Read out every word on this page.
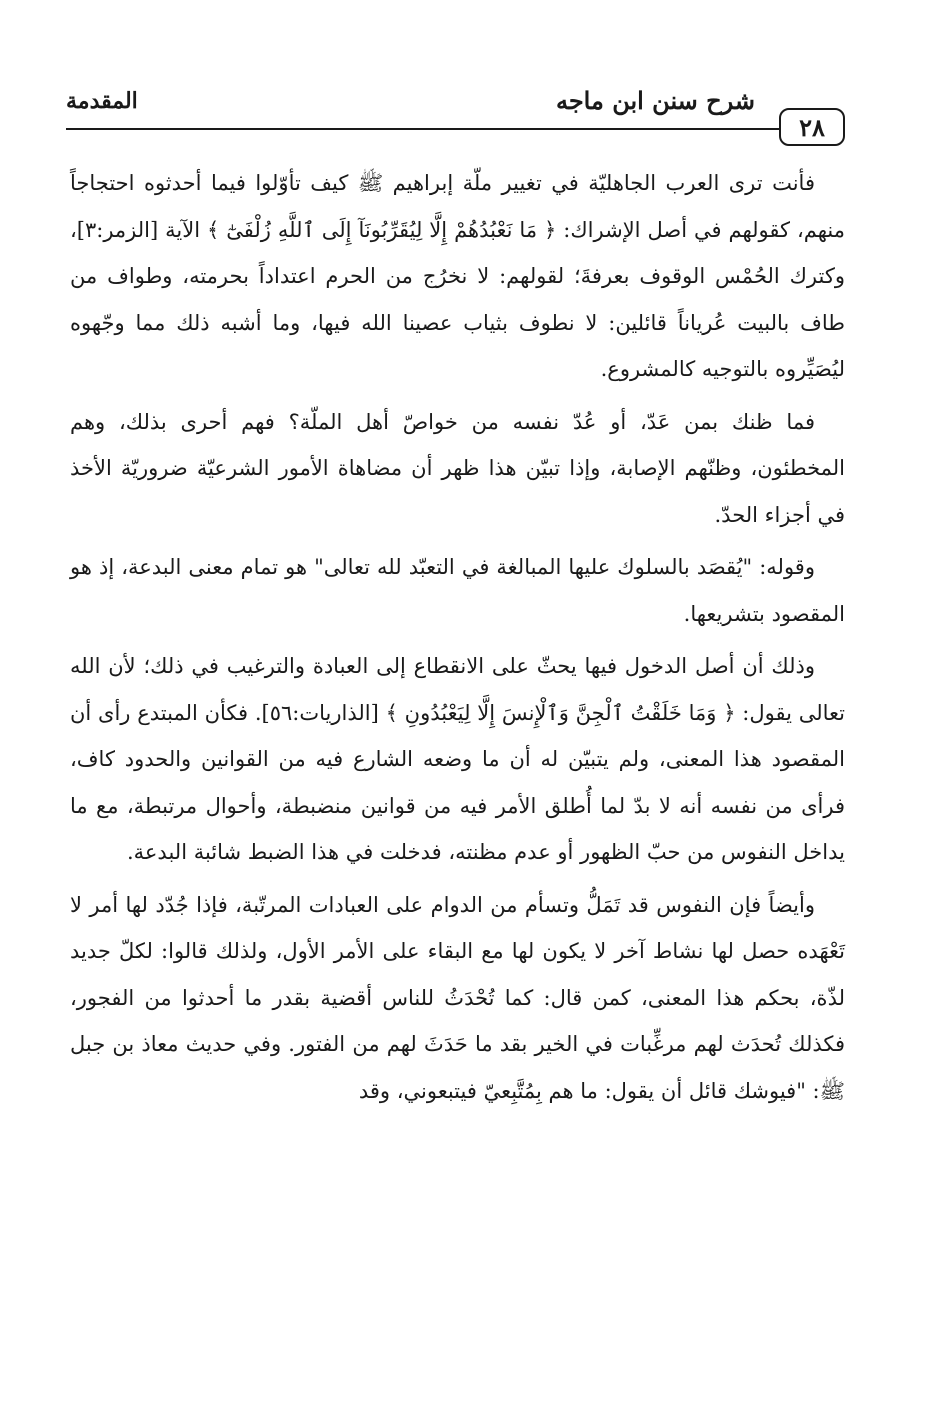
المقدمة	شرح سنن ابن ماجه
٢٨

فأنت ترى العرب الجاهليّة في تغيير ملّة إبراهيم ﷺ كيف تأوّلوا فيما أحدثوه احتجاجاً منهم، كقولهم في أصل الإشراك: ﴿ مَا نَعْبُدُهُمْ إِلَّا لِيُقَرِّبُونَآ إِلَى ٱللَّهِ زُلْفَىٰٓ ﴾ الآية [الزمر:٣]، وكترك الحُمْس الوقوف بعرفةَ؛ لقولهم: لا نخرُج من الحرم اعتداداً بحرمته، وطواف من طاف بالبيت عُرياناً قائلين: لا نطوف بثياب عصينا الله فيها، وما أشبه ذلك مما وجّهوه ليُصَيِّروه بالتوجيه كالمشروع.

فما ظنك بمن عَدّ، أو عُدّ نفسه من خواصّ أهل الملّة؟ فهم أحرى بذلك، وهم المخطئون، وظنّهم الإصابة، وإذا تبيّن هذا ظهر أن مضاهاة الأمور الشرعيّة ضروريّة الأخذ في أجزاء الحدّ.

وقوله: "يُقصَد بالسلوك عليها المبالغة في التعبّد لله تعالى" هو تمام معنى البدعة، إذ هو المقصود بتشريعها.

وذلك أن أصل الدخول فيها يحثّ على الانقطاع إلى العبادة والترغيب في ذلك؛ لأن الله تعالى يقول: ﴿ وَمَا خَلَقْتُ ٱلْجِنَّ وَٱلْإِنسَ إِلَّا لِيَعْبُدُونِ ﴾ [الذاريات:٥٦]. فكأن المبتدع رأى أن المقصود هذا المعنى، ولم يتبيّن له أن ما وضعه الشارع فيه من القوانين والحدود كاف، فرأى من نفسه أنه لا بدّ لما أُطلق الأمر فيه من قوانين منضبطة، وأحوال مرتبطة، مع ما يداخل النفوس من حبّ الظهور أو عدم مظنته، فدخلت في هذا الضبط شائبة البدعة.

وأيضاً فإن النفوس قد تَمَلُّ وتسأم من الدوام على العبادات المرتّبة، فإذا جُدّد لها أمر لا تَعْهَده حصل لها نشاط آخر لا يكون لها مع البقاء على الأمر الأول، ولذلك قالوا: لكلّ جديد لذّة، بحكم هذا المعنى، كمن قال: كما تُحْدَثُ للناس أقضية بقدر ما أحدثوا من الفجور، فكذلك تُحدَث لهم مرغِّبات في الخير بقد ما حَدَثَ لهم من الفتور. وفي حديث معاذ بن جبل ﷺ: "فيوشك قائل أن يقول: ما هم بِمُتَّبِعيّ فيتبعوني، وقد
